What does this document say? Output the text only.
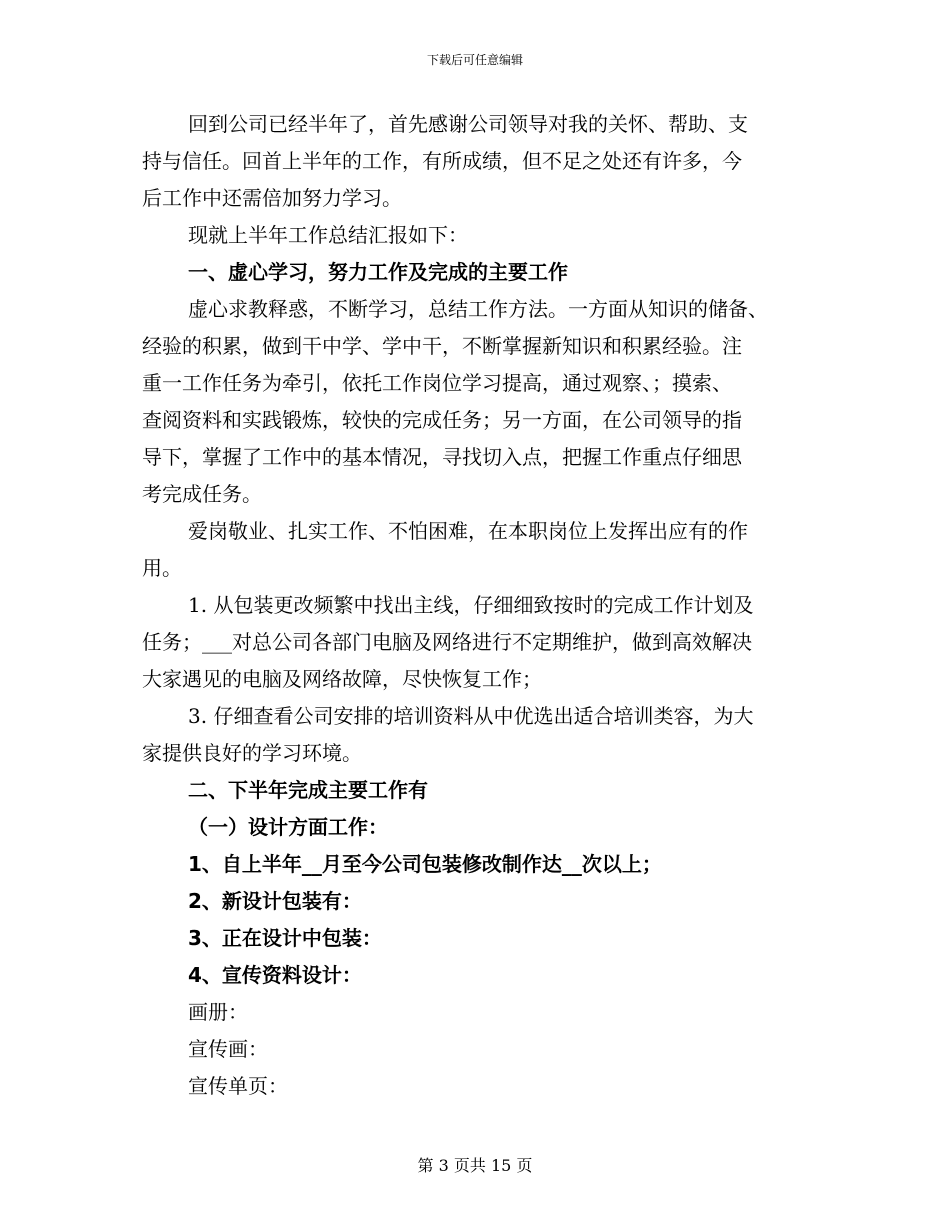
下载后可任意编辑

回到公司已经半年了，首先感谢公司领导对我的关怀、帮助、支

持与信任。回首上半年的工作，有所成绩，但不足之处还有许多，今

后工作中还需倍加努力学习。

现就上半年工作总结汇报如下：

一、虚心学习，努力工作及完成的主要工作

虚心求教释惑，不断学习，总结工作方法。一方面从知识的储备、

经验的积累，做到干中学、学中干，不断掌握新知识和积累经验。注

重一工作任务为牵引，依托工作岗位学习提高，通过观察、；摸索、

查阅资料和实践锻炼，较快的完成任务；另一方面，在公司领导的指

导下，掌握了工作中的基本情况，寻找切入点，把握工作重点仔细思

考完成任务。

爱岗敬业、扎实工作、不怕困难，在本职岗位上发挥出应有的作

用。

1. 从包装更改频繁中找出主线，仔细细致按时的完成工作计划及

任务；___对总公司各部门电脑及网络进行不定期维护，做到高效解决

大家遇见的电脑及网络故障，尽快恢复工作；

3. 仔细查看公司安排的培训资料从中优选出适合培训类容，为大

家提供良好的学习环境。

二、下半年完成主要工作有

（一）设计方面工作：

1、自上半年__月至今公司包装修改制作达__次以上；

2、新设计包装有：

3、正在设计中包装：

4、宣传资料设计：

画册：

宣传画：

宣传单页：

第 3 页共 15 页
